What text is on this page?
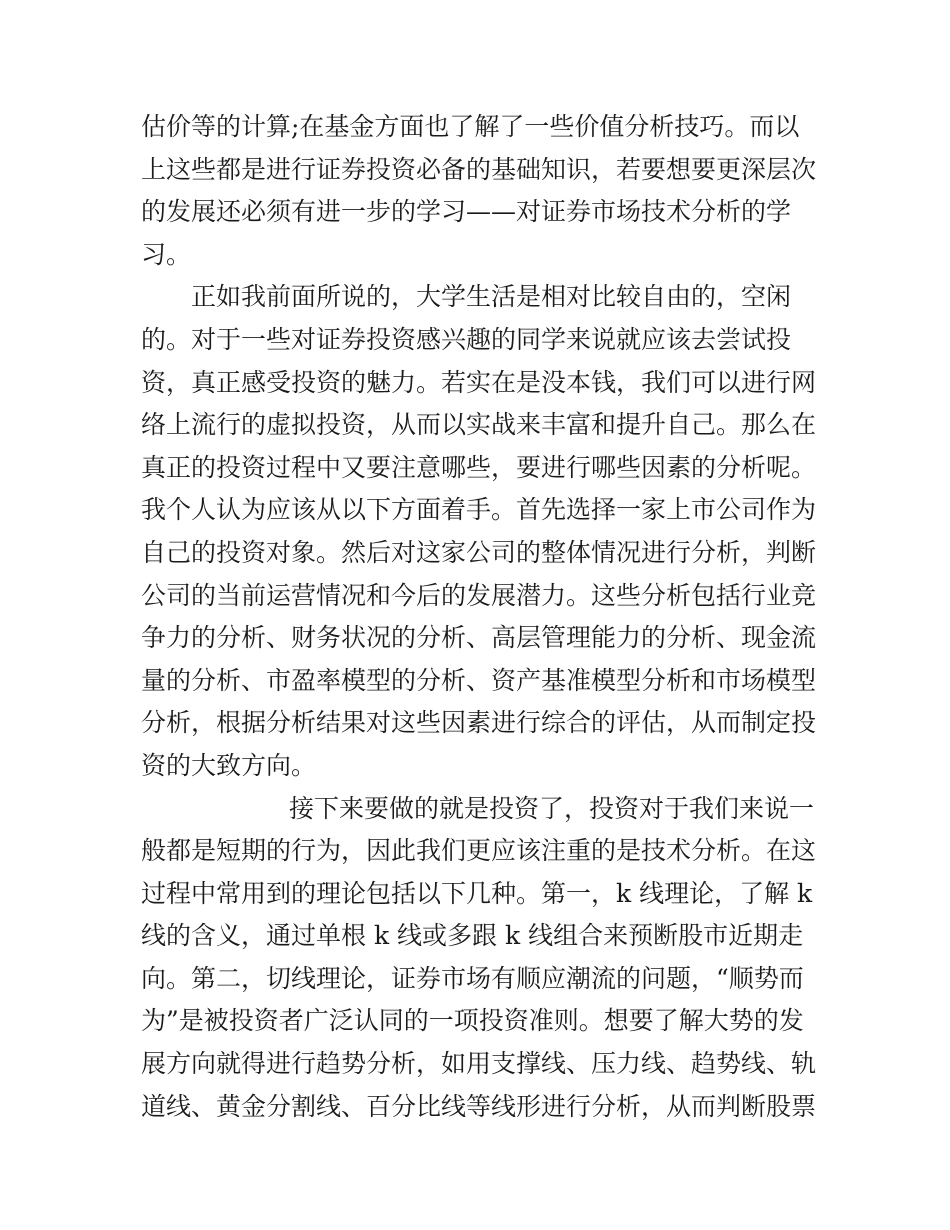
估价等的计算;在基金方面也了解了一些价值分析技巧。而以
上这些都是进行证券投资必备的基础知识，若要想要更深层次
的发展还必须有进一步的学习——对证券市场技术分析的学
习。
正如我前面所说的，大学生活是相对比较自由的，空闲
的。对于一些对证券投资感兴趣的同学来说就应该去尝试投
资，真正感受投资的魅力。若实在是没本钱，我们可以进行网
络上流行的虚拟投资，从而以实战来丰富和提升自己。那么在
真正的投资过程中又要注意哪些，要进行哪些因素的分析呢。
我个人认为应该从以下方面着手。首先选择一家上市公司作为
自己的投资对象。然后对这家公司的整体情况进行分析，判断
公司的当前运营情况和今后的发展潜力。这些分析包括行业竞
争力的分析、财务状况的分析、高层管理能力的分析、现金流
量的分析、市盈率模型的分析、资产基准模型分析和市场模型
分析，根据分析结果对这些因素进行综合的评估，从而制定投
资的大致方向。
接下来要做的就是投资了，投资对于我们来说一
般都是短期的行为，因此我们更应该注重的是技术分析。在这
过程中常用到的理论包括以下几种。第一，k 线理论，了解 k
线的含义，通过单根 k 线或多跟 k 线组合来预断股市近期走
向。第二，切线理论，证券市场有顺应潮流的问题，“顺势而
为”是被投资者广泛认同的一项投资准则。想要了解大势的发
展方向就得进行趋势分析，如用支撑线、压力线、趋势线、轨
道线、黄金分割线、百分比线等线形进行分析，从而判断股票
